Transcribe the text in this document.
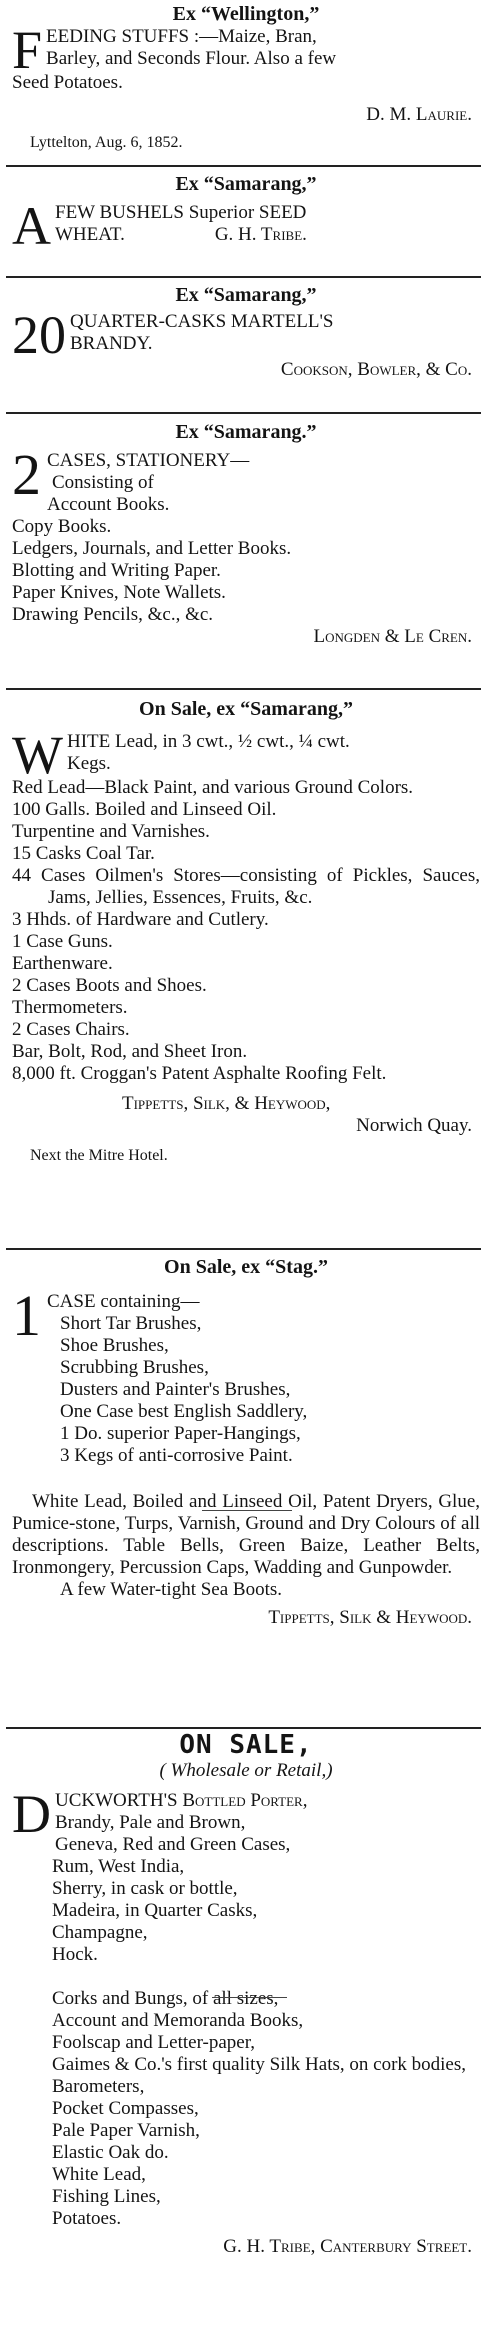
Ex “Wellington,”
F EEDING STUFFS :—Maize, Bran,

Barley, and Seconds Flour. Also a few

Seed Potatoes.

D. M. Laurie.

Lyttelton, Aug. 6, 1852.

Ex “Samarang,”
A FEW BUSHELS Superior SEED

WHEAT.	G. H. Tribe.

Ex “Samarang,”
20 QUARTER-CASKS MARTELL'S

BRANDY.

Cookson, Bowler, & Co.

Ex “Samarang.”
2 CASES, STATIONERY—

Consisting of

Account Books.

Copy Books.

Ledgers, Journals, and Letter Books.

Blotting and Writing Paper.

Paper Knives, Note Wallets.

Drawing Pencils, &c., &c.

Longden & Le Cren.

On Sale, ex “Samarang,”
W HITE Lead, in 3 cwt., ½ cwt., ¼ cwt.

Kegs.

Red Lead—Black Paint, and various Ground Colors.

100 Galls. Boiled and Linseed Oil.

Turpentine and Varnishes.

15 Casks Coal Tar.

44 Cases Oilmen's Stores—consisting of Pickles, Sauces, Jams, Jellies, Essences, Fruits, &c.

3 Hhds. of Hardware and Cutlery.

1 Case Guns.

Earthenware.

2 Cases Boots and Shoes.

Thermometers.

2 Cases Chairs.

Bar, Bolt, Rod, and Sheet Iron.

8,000 ft. Croggan's Patent Asphalte Roofing Felt.

Tippetts, Silk, & Heywood,

Norwich Quay.

Next the Mitre Hotel.

On Sale, ex “Stag.”
1 CASE containing—

Short Tar Brushes,

Shoe Brushes,

Scrubbing Brushes,

Dusters and Painter's Brushes,

One Case best English Saddlery,

1 Do. superior Paper-Hangings,

3 Kegs of anti-corrosive Paint.

White Lead, Boiled and Linseed Oil, Patent Dryers, Glue, Pumice-stone, Turps, Varnish, Ground and Dry Colours of all descriptions. Table Bells, Green Baize, Leather Belts, Ironmongery, Percussion Caps, Wadding and Gunpowder.

A few Water-tight Sea Boots.

Tippetts, Silk & Heywood.

ON SALE,
( Wholesale or Retail,)
D UCKWORTH'S Bottled Porter,

Brandy, Pale and Brown,

Geneva, Red and Green Cases,

Rum, West India,

Sherry, in cask or bottle,

Madeira, in Quarter Casks,

Champagne,

Hock.

Corks and Bungs, of all sizes,

Account and Memoranda Books,

Foolscap and Letter-paper,

Gaimes & Co.'s first quality Silk Hats, on cork bodies,

Barometers,

Pocket Compasses,

Pale Paper Varnish,

Elastic Oak do.

White Lead,

Fishing Lines,

Potatoes.

G. H. Tribe, Canterbury Street.
